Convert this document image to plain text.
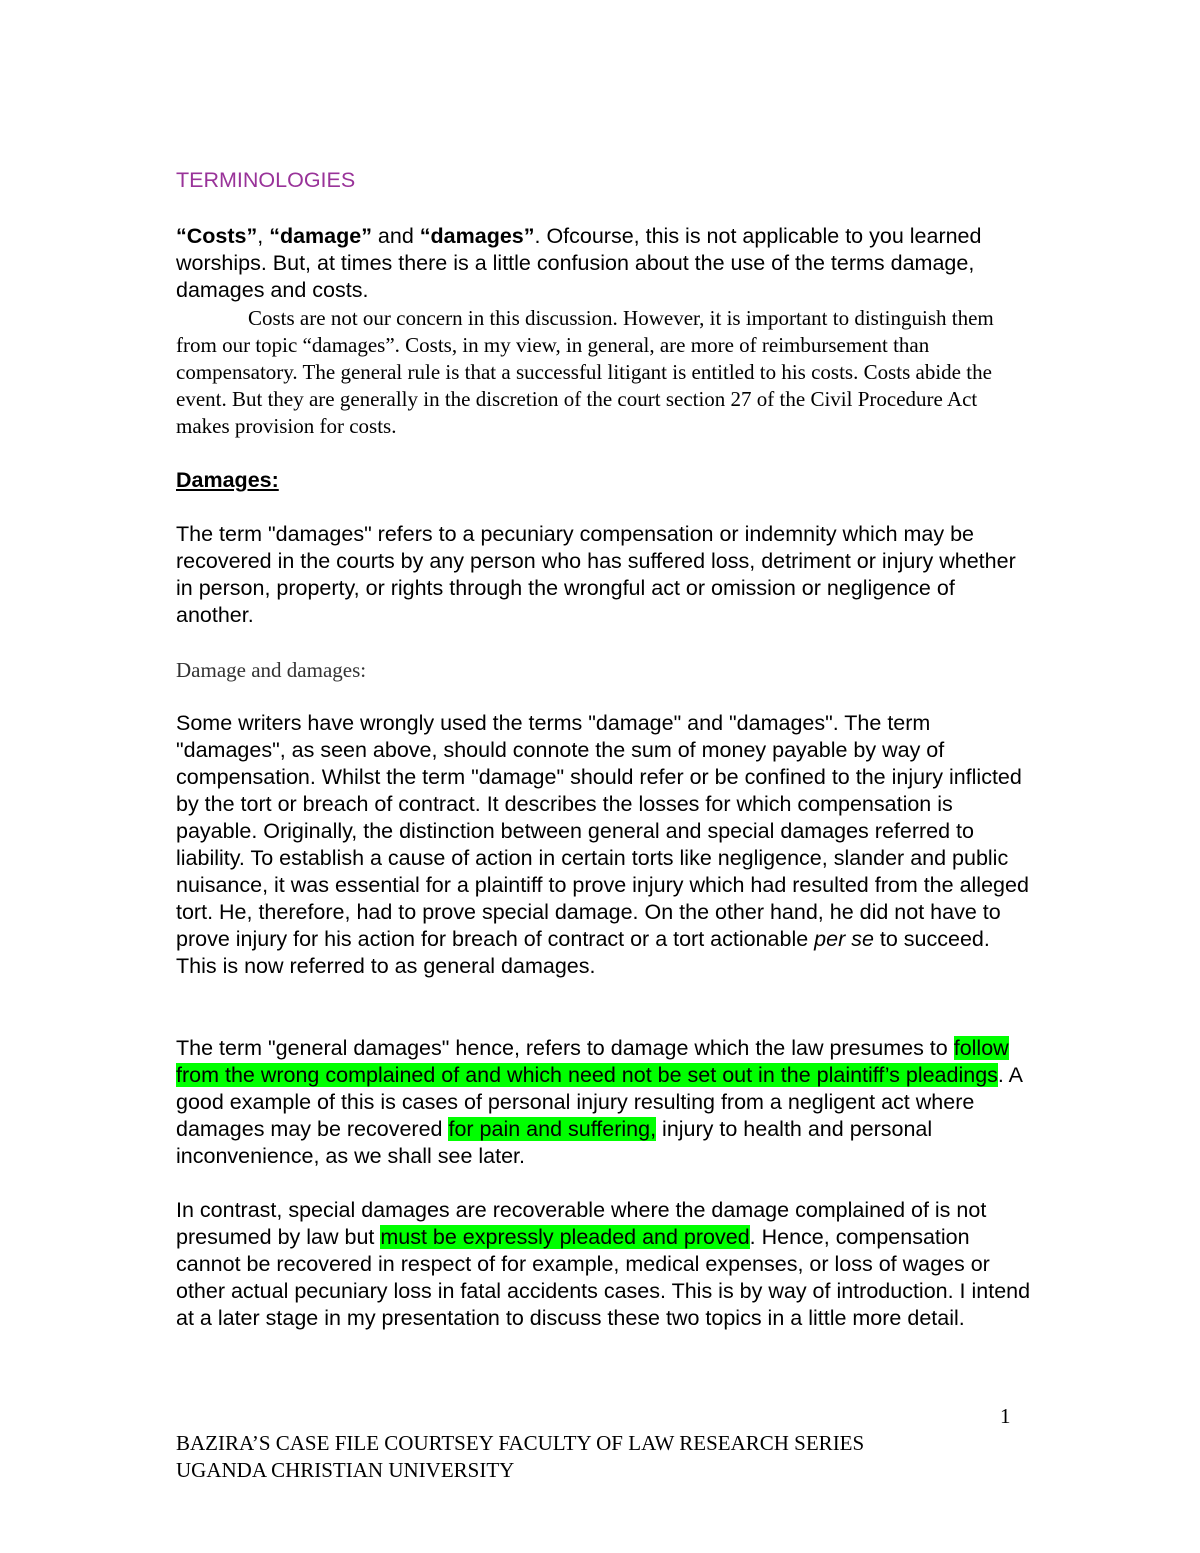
TERMINOLOGIES

“Costs”, “damage” and “damages”. Ofcourse, this is not applicable to you learned worships. But, at times there is a little confusion about the use of the terms damage, damages and costs.

Costs are not our concern in this discussion. However, it is important to distinguish them from our topic “damages”. Costs, in my view, in general, are more of reimbursement than compensatory. The general rule is that a successful litigant is entitled to his costs. Costs abide the event. But they are generally in the discretion of the court section 27 of the Civil Procedure Act makes provision for costs.

Damages:

The term "damages" refers to a pecuniary compensation or indemnity which may be recovered in the courts by any person who has suffered loss, detriment or injury whether in person, property, or rights through the wrongful act or omission or negligence of another.

Damage and damages:

Some writers have wrongly used the terms "damage" and "damages". The term "damages", as seen above, should connote the sum of money payable by way of compensation. Whilst the term "damage" should refer or be confined to the injury inflicted by the tort or breach of contract. It describes the losses for which compensation is payable. Originally, the distinction between general and special damages referred to liability. To establish a cause of action in certain torts like negligence, slander and public nuisance, it was essential for a plaintiff to prove injury which had resulted from the alleged tort. He, therefore, had to prove special damage. On the other hand, he did not have to prove injury for his action for breach of contract or a tort actionable per se to succeed. This is now referred to as general damages.

The term "general damages" hence, refers to damage which the law presumes to follow from the wrong complained of and which need not be set out in the plaintiff’s pleadings. A good example of this is cases of personal injury resulting from a negligent act where damages may be recovered for pain and suffering, injury to health and personal inconvenience, as we shall see later.

In contrast, special damages are recoverable where the damage complained of is not presumed by law but must be expressly pleaded and proved. Hence, compensation cannot be recovered in respect of for example, medical expenses, or loss of wages or other actual pecuniary loss in fatal accidents cases. This is by way of introduction. I intend at a later stage in my presentation to discuss these two topics in a little more detail.

1
BAZIRA’S CASE FILE COURTSEY FACULTY OF LAW RESEARCH SERIES
UGANDA CHRISTIAN UNIVERSITY
